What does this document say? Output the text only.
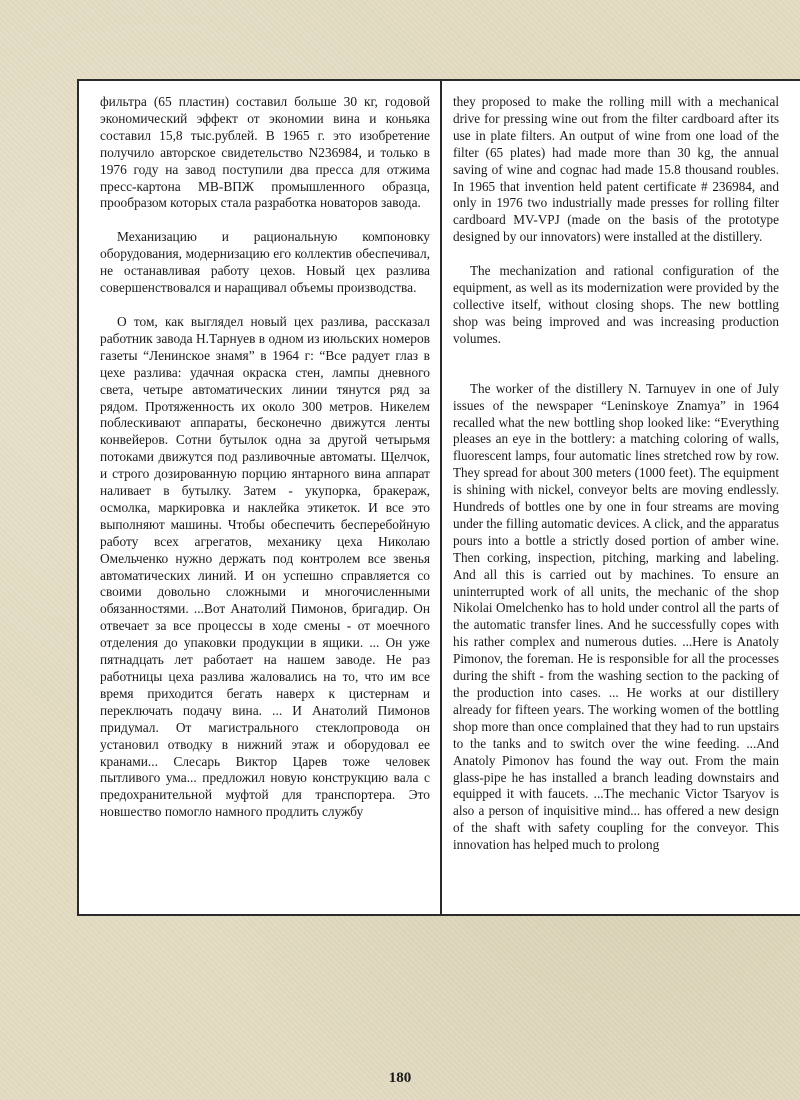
фильтра (65 пластин) составил больше 30 кг, годовой экономический эффект от экономии вина и коньяка составил 15,8 тыс.рублей. В 1965 г. это изобретение получило авторское свидетельство N236984, и только в 1976 году на завод поступили два пресса для отжима пресс-картона МВ-ВПЖ промышленного образца, прообразом которых стала разработка новаторов завода.

Механизацию и рациональную компоновку оборудования, модернизацию его коллектив обеспечивал, не останавливая работу цехов. Новый цех разлива совершенствовался и наращивал объемы производства.

О том, как выглядел новый цех разлива, рассказал работник завода Н.Тарнуев в одном из июльских номеров газеты “Ленинское знамя” в 1964 г: “Все радует глаз в цехе разлива: удачная окраска стен, лампы дневного света, четыре автоматических линии тянутся ряд за рядом. Протяженность их около 300 метров. Никелем поблескивают аппараты, бесконечно движутся ленты конвейеров. Сотни бутылок одна за другой четырьмя потоками движутся под разливочные автоматы. Щелчок, и строго дозированную порцию янтарного вина аппарат наливает в бутылку. Затем - укупорка, бракераж, осмолка, маркировка и наклейка этикеток. И все это выполняют машины. Чтобы обеспечить бесперебойную работу всех агрегатов, механику цеха Николаю Омельченко нужно держать под контролем все звенья автоматических линий. И он успешно справляется со своими довольно сложными и многочисленными обязанностями. ...Вот Анатолий Пимонов, бригадир. Он отвечает за все процессы в ходе смены - от моечного отделения до упаковки продукции в ящики. ... Он уже пятнадцать лет работает на нашем заводе. Не раз работницы цеха разлива жаловались на то, что им все время приходится бегать наверх к цистернам и переключать подачу вина. ... И Анатолий Пимонов придумал. От магистрального стеклопровода он установил отводку в нижний этаж и оборудовал ее кранами... Слесарь Виктор Царев тоже человек пытливого ума... предложил новую конструкцию вала с предохранительной муфтой для транспортера. Это новшество помогло намного продлить службу

they proposed to make the rolling mill with a mechanical drive for pressing wine out from the filter cardboard after its use in plate filters. An output of wine from one load of the filter (65 plates) had made more than 30 kg, the annual saving of wine and cognac had made 15.8 thousand roubles. In 1965 that invention held patent certificate # 236984, and only in 1976 two industrially made presses for rolling filter cardboard MV-VPJ (made on the basis of the prototype designed by our innovators) were installed at the distillery.

The mechanization and rational configuration of the equipment, as well as its modernization were provided by the collective itself, without closing shops. The new bottling shop was being improved and was increasing production volumes.

The worker of the distillery N. Tarnuyev in one of July issues of the newspaper “Leninskoye Znamya” in 1964 recalled what the new bottling shop looked like: “Everything pleases an eye in the bottlery: a matching coloring of walls, fluorescent lamps, four automatic lines stretched row by row. They spread for about 300 meters (1000 feet). The equipment is shining with nickel, conveyor belts are moving endlessly. Hundreds of bottles one by one in four streams are moving under the filling automatic devices. A click, and the apparatus pours into a bottle a strictly dosed portion of amber wine. Then corking, inspection, pitching, marking and labeling. And all this is carried out by machines. To ensure an uninterrupted work of all units, the mechanic of the shop Nikolai Omelchenko has to hold under control all the parts of the automatic transfer lines. And he successfully copes with his rather complex and numerous duties. ...Here is Anatoly Pimonov, the foreman. He is responsible for all the processes during the shift - from the washing section to the packing of the production into cases. ... He works at our distillery already for fifteen years. The working women of the bottling shop more than once complained that they had to run upstairs to the tanks and to switch over the wine feeding. ...And Anatoly Pimonov has found the way out. From the main glass-pipe he has installed a branch leading downstairs and equipped it with faucets. ...The mechanic Victor Tsaryov is also a person of inquisitive mind... has offered a new design of the shaft with safety coupling for the conveyor. This innovation has helped much to prolong

180
